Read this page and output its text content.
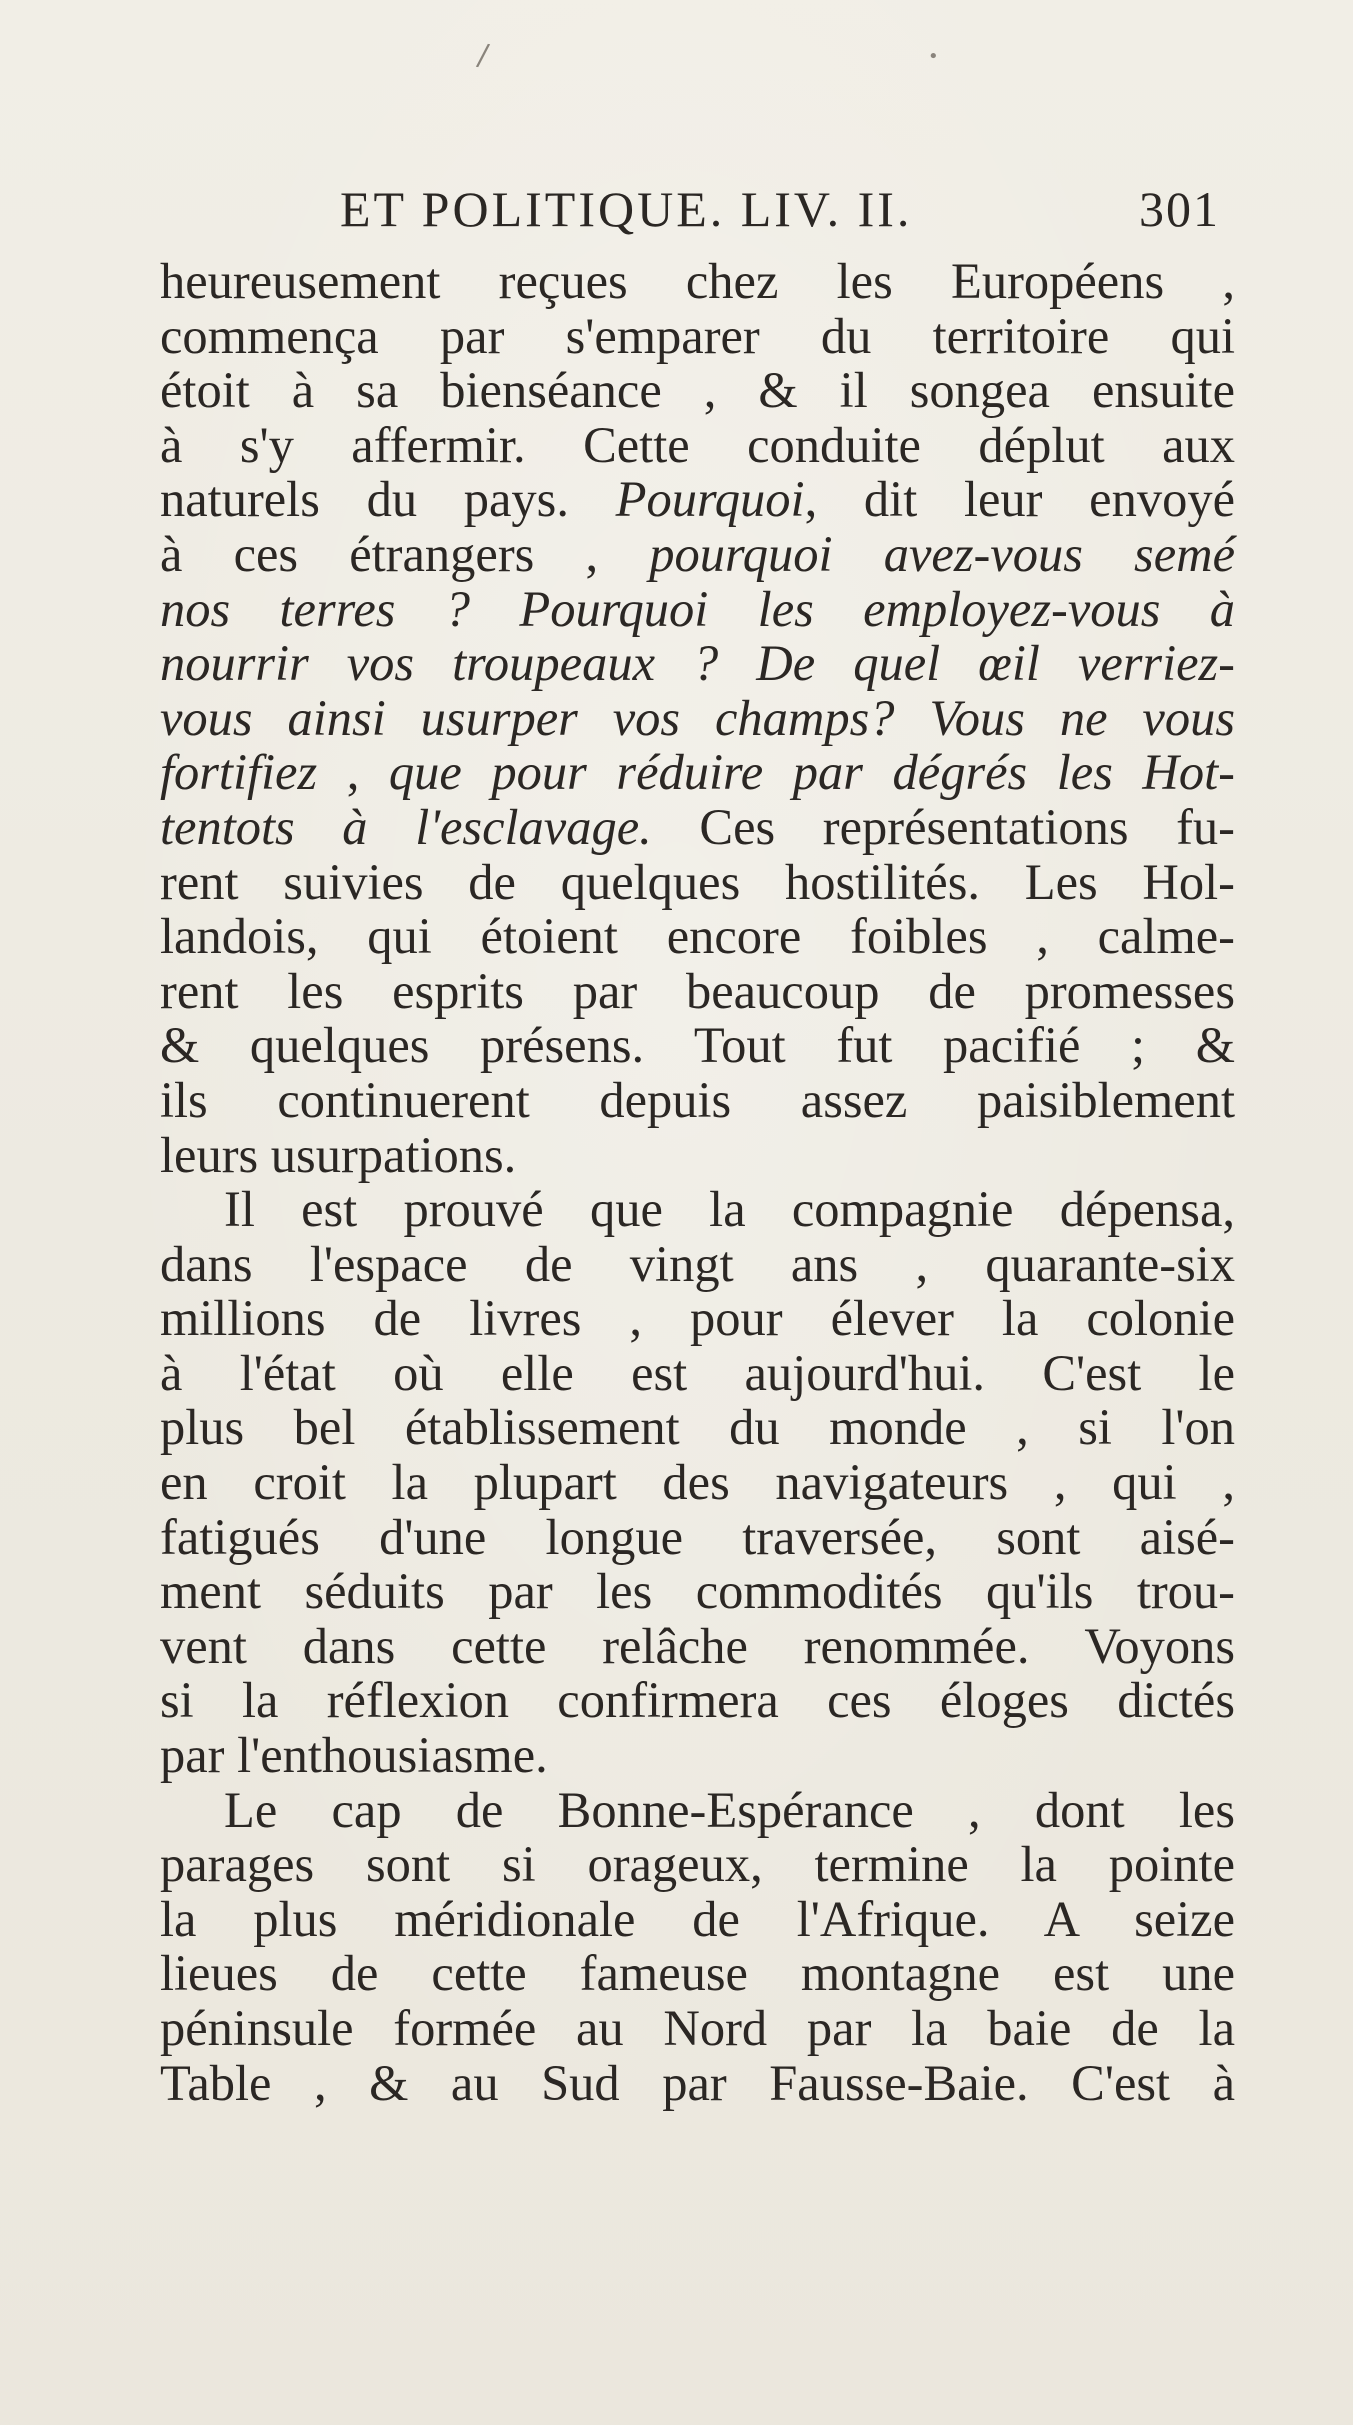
/	•
ET POLITIQUE. LIV. II.	301
heureusement reçues chez les Européens ,
commença par s'emparer du territoire qui
étoit à sa bienséance , & il songea ensuite
à s'y affermir. Cette conduite déplut aux
naturels du pays. Pourquoi, dit leur envoyé
à ces étrangers , pourquoi avez-vous semé
nos terres ? Pourquoi les employez-vous à
nourrir vos troupeaux ? De quel œil verriez-
vous ainsi usurper vos champs? Vous ne vous
fortifiez , que pour réduire par dégrés les Hot-
tentots à l'esclavage. Ces représentations fu-
rent suivies de quelques hostilités. Les Hol-
landois, qui étoient encore foibles , calme-
rent les esprits par beaucoup de promesses
& quelques présens. Tout fut pacifié ; &
ils continuerent depuis assez paisiblement
leurs usurpations.
Il est prouvé que la compagnie dépensa,
dans l'espace de vingt ans , quarante-six
millions de livres , pour élever la colonie
à l'état où elle est aujourd'hui. C'est le
plus bel établissement du monde , si l'on
en croit la plupart des navigateurs , qui ,
fatigués d'une longue traversée, sont aisé-
ment séduits par les commodités qu'ils trou-
vent dans cette relâche renommée. Voyons
si la réflexion confirmera ces éloges dictés
par l'enthousiasme.
Le cap de Bonne-Espérance , dont les
parages sont si orageux, termine la pointe
la plus méridionale de l'Afrique. A seize
lieues de cette fameuse montagne est une
péninsule formée au Nord par la baie de la
Table , & au Sud par Fausse-Baie. C'est à
